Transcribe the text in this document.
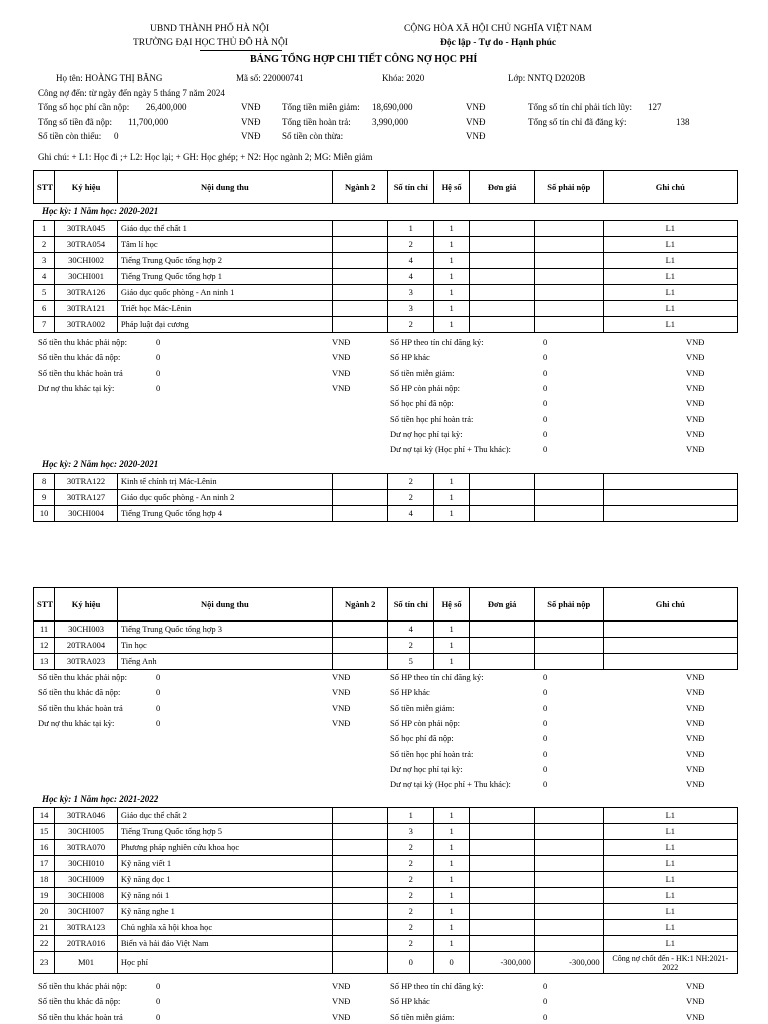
UBND THÀNH PHỐ HÀ NỘI
TRƯỜNG ĐẠI HỌC THỦ ĐÔ HÀ NỘI
CỘNG HÒA XÃ HỘI CHỦ NGHĨA VIỆT NAM
Độc lập - Tự do - Hạnh phúc
BẢNG TỔNG HỢP CHI TIẾT CÔNG NỢ HỌC PHÍ
Họ tên: HOÀNG THỊ BĂNG	Mã số: 220000741	Khóa: 2020	Lớp: NNTQ D2020B
Công nợ đến: từ ngày đến ngày 5 tháng 7 năm 2024
Tổng số học phí cần nộp: 26,400,000	VNĐ Tổng tiền miễn giảm: 18,690,000	VNĐ	Tổng số tín chỉ phải tích lũy: 127
Tổng số tiền đã nộp: 11,700,000	VNĐ Tổng tiền hoàn trả: 3,990,000	VNĐ	Tổng số tín chỉ đã đăng ký:	138
Số tiền còn thiếu: 0	VNĐ Số tiền còn thừa:	VNĐ
Ghi chú: + L1: Học đi ;+ L2: Học lại; + GH: Học ghép; + N2: Học ngành 2; MG: Miễn giảm
STT	Ký hiệu	Nội dung thu	Ngành 2	Số tín chỉ	Hệ số	Đơn giá	Số phải nộp	Ghi chú
Học kỳ: 1 Năm học: 2020-2021
1	30TRA045	Giáo dục thể chất 1		1	1			L1
2	30TRA054	Tâm lí học		2	1			L1
3	30CHI002	Tiếng Trung Quốc tổng hợp 2		4	1			L1
4	30CHI001	Tiếng Trung Quốc tổng hợp 1		4	1			L1
5	30TRA126	Giáo dục quốc phòng - An ninh 1		3	1			L1
6	30TRA121	Triết học Mác-Lênin		3	1			L1
7	30TRA002	Pháp luật đại cương		2	1			L1
Số tiền thu khác phải nộp:	0	VNĐ
Số tiền thu khác đã nộp:	0	VNĐ
Số tiền thu khác hoàn trả	0	VNĐ
Dư nợ thu khác tại kỳ:	0	VNĐ
Số HP theo tín chỉ đăng ký:	0	VNĐ
Số HP khác	0	VNĐ
Số tiền miễn giảm:	0	VNĐ
Số HP còn phải nộp:	0	VNĐ
Số học phí đã nộp:	0	VNĐ
Số tiền học phí hoàn trả:	0	VNĐ
Dư nợ học phí tại kỳ:	0	VNĐ
Dư nợ tại kỳ (Học phí + Thu khác):	0	VNĐ
Học kỳ: 2 Năm học: 2020-2021
8	30TRA122	Kinh tế chính trị Mác-Lênin		2	1			
9	30TRA127	Giáo dục quốc phòng - An ninh 2		2	1			
10	30CHI004	Tiếng Trung Quốc tổng hợp 4		4	1			
STT	Ký hiệu	Nội dung thu	Ngành 2	Số tín chỉ	Hệ số	Đơn giá	Số phải nộp	Ghi chú
11	30CHI003	Tiếng Trung Quốc tổng hợp 3		4	1			
12	20TRA004	Tin học		2	1			
13	30TRA023	Tiếng Anh		5	1			
Số tiền thu khác phải nộp:	0	VNĐ
Số tiền thu khác đã nộp:	0	VNĐ
Số tiền thu khác hoàn trả	0	VNĐ
Dư nợ thu khác tại kỳ:	0	VNĐ
Số HP theo tín chỉ đăng ký:	0	VNĐ
Số HP khác	0	VNĐ
Số tiền miễn giảm:	0	VNĐ
Số HP còn phải nộp:	0	VNĐ
Số học phí đã nộp:	0	VNĐ
Số tiền học phí hoàn trả:	0	VNĐ
Dư nợ học phí tại kỳ:	0	VNĐ
Dư nợ tại kỳ (Học phí + Thu khác):	0	VNĐ
Học kỳ: 1 Năm học: 2021-2022
14	30TRA046	Giáo dục thể chất 2		1	1			L1
15	30CHI005	Tiếng Trung Quốc tổng hợp 5		3	1			L1
16	30TRA070	Phương pháp nghiên cứu khoa học		2	1			L1
17	30CHI010	Kỹ năng viết 1		2	1			L1
18	30CHI009	Kỹ năng đọc 1		2	1			L1
19	30CHI008	Kỹ năng nói 1		2	1			L1
20	30CHI007	Kỹ năng nghe 1		2	1			L1
21	30TRA123	Chủ nghĩa xã hội khoa học		2	1			L1
22	20TRA016	Biển và hải đảo Việt Nam		2	1			L1
23	M01	Học phí		0	0	-300,000	-300,000	Công nợ chốt đến - HK:1 NH:2021-2022
Số tiền thu khác phải nộp:	0	VNĐ
Số tiền thu khác đã nộp:	0	VNĐ
Số tiền thu khác hoàn trả	0	VNĐ
Số HP theo tín chỉ đăng ký:	0	VNĐ
Số HP khác	0	VNĐ
Số tiền miễn giảm:	0	VNĐ
